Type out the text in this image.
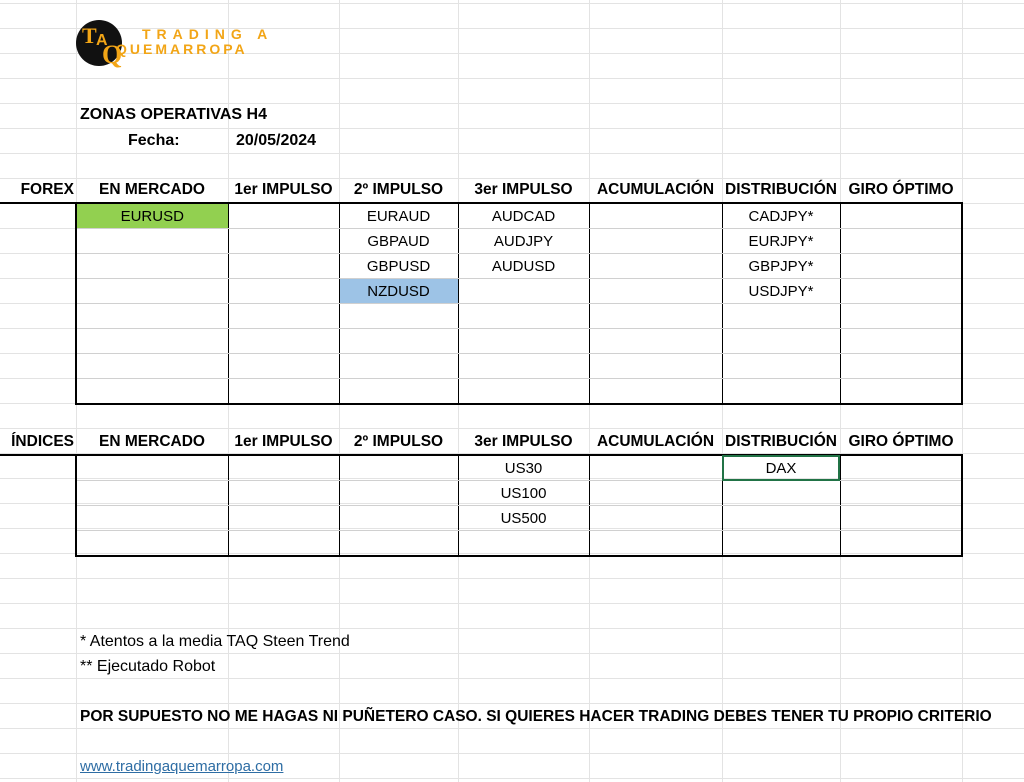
T A
Q
TRADING A
QUEMARROPA
ZONAS OPERATIVAS H4
Fecha:	20/05/2024
FOREX	EN MERCADO	1er IMPULSO	2º IMPULSO	3er IMPULSO	ACUMULACIÓN	DISTRIBUCIÓN	GIRO ÓPTIMO
	EURUSD		EURAUD	AUDCAD		CADJPY*	
			GBPAUD	AUDJPY		EURJPY*	
			GBPUSD	AUDUSD		GBPJPY*	
			NZDUSD			USDJPY*	

ÍNDICES	EN MERCADO	1er IMPULSO	2º IMPULSO	3er IMPULSO	ACUMULACIÓN	DISTRIBUCIÓN	GIRO ÓPTIMO
				US30		DAX	
				US100			
				US500			

* Atentos a la media TAQ Steen Trend
** Ejecutado Robot
POR SUPUESTO NO ME HAGAS NI PUÑETERO CASO. SI QUIERES HACER TRADING DEBES TENER TU PROPIO CRITERIO
www.tradingaquemarropa.com
